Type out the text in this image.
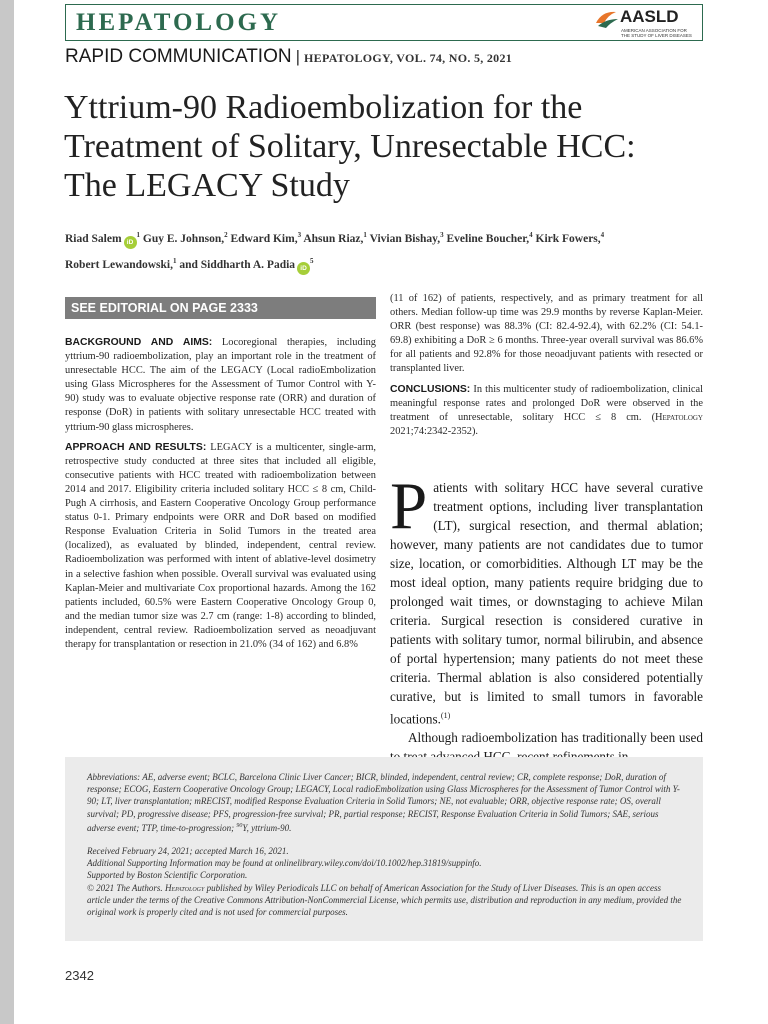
HEPATOLOGY	AASLD
AMERICAN ASSOCIATION FOR THE STUDY OF LIVER DISEASES
RAPID COMMUNICATION | HEPATOLOGY, VOL. 74, NO. 5, 2021
Yttrium-90 Radioembolization for the
Treatment of Solitary, Unresectable HCC:
The LEGACY Study
Riad Salem $iD^1$ Guy E. Johnson,$^2$ Edward Kim,$^3$ Ahsun Riaz,$^1$ Vivian Bishay,$^3$ Eveline Boucher,$^4$ Kirk Fowers,$^4$
Robert Lewandowski,$^1$ and Siddharth A. Padia $iD^5$
SEE EDITORIAL ON PAGE 2333

BACKGROUND AND AIMS: Locoregional therapies, including yttrium-90 radioembolization, play an important role in the treatment of unresectable HCC. The aim of the LEGACY (Local radioEmbolization using Glass Microspheres for the Assessment of Tumor Control with Y-90) study was to evaluate objective response rate (ORR) and duration of response (DoR) in patients with solitary unresectable HCC treated with yttrium-90 glass microspheres.

APPROACH AND RESULTS: LEGACY is a multicenter, single-arm, retrospective study conducted at three sites that included all eligible, consecutive patients with HCC treated with radioembolization between 2014 and 2017. Eligibility criteria included solitary HCC ≤ 8 cm, Child-Pugh A cirrhosis, and Eastern Cooperative Oncology Group performance status 0-1. Primary endpoints were ORR and DoR based on modified Response Evaluation Criteria in Solid Tumors in the treated area (localized), as evaluated by blinded, independent, central review. Radioembolization was performed with intent of ablative-level dosimetry in a selective fashion when possible. Overall survival was evaluated using Kaplan-Meier and multivariate Cox proportional hazards. Among the 162 patients included, 60.5% were Eastern Cooperative Oncology Group 0, and the median tumor size was 2.7 cm (range: 1-8) according to blinded, independent, central review. Radioembolization served as neoadjuvant therapy for transplantation or resection in 21.0% (34 of 162) and 6.8%

(11 of 162) of patients, respectively, and as primary treatment for all others. Median follow-up time was 29.9 months by reverse Kaplan-Meier. ORR (best response) was 88.3% (CI: 82.4-92.4), with 62.2% (CI: 54.1-69.8) exhibiting a DoR ≥ 6 months. Three-year overall survival was 86.6% for all patients and 92.8% for those neoadjuvant patients with resected or transplanted liver.

CONCLUSIONS: In this multicenter study of radioembolization, clinical meaningful response rates and prolonged DoR were observed in the treatment of unresectable, solitary HCC ≤ 8 cm. (Hepatology 2021;74:2342-2352).

Patients with solitary HCC have several curative treatment options, including liver transplantation (LT), surgical resection, and thermal ablation; however, many patients are not candidates due to tumor size, location, or comorbidities. Although LT may be the most ideal option, many patients require bridging due to prolonged wait times, or downstaging to achieve Milan criteria. Surgical resection is considered curative in patients with solitary tumor, normal bilirubin, and absence of portal hypertension; many patients do not meet these criteria. Thermal ablation is also considered potentially curative, but is limited to small tumors in favorable locations.$^{(1)}$

Although radioembolization has traditionally been used

Abbreviations: AE, adverse event; BCLC, Barcelona Clinic Liver Cancer; BICR, blinded, independent, central review; CR, complete response; DoR, duration of response; ECOG, Eastern Cooperative Oncology Group; LEGACY, Local radioEmbolization using Glass Microspheres for the Assessment of Tumor Control with Y-90; LT, liver transplantation; mRECIST, modified Response Evaluation Criteria in Solid Tumors; NE, not evaluable; ORR, objective response rate; OS, overall survival; PD, progressive disease; PFS, progression-free survival; PR, partial response; RECIST, Response Evaluation Criteria in Solid Tumors; SAE, serious adverse event; TTP, time-to-progression; $^{90}$Y, yttrium-90.

Received February 24, 2021; accepted March 16, 2021.

Additional Supporting Information may be found at onlinelibrary.wiley.com/doi/10.1002/hep.31819/suppinfo.

Supported by Boston Scientific Corporation.

© 2021 The Authors. Hepatology published by Wiley Periodicals LLC on behalf of American Association for the Study of Liver Diseases. This is an open access article under the terms of the Creative Commons Attribution-NonCommercial License, which permits use, distribution and reproduction in any medium, provided the original work is properly cited and is not used for commercial purposes.

2342
